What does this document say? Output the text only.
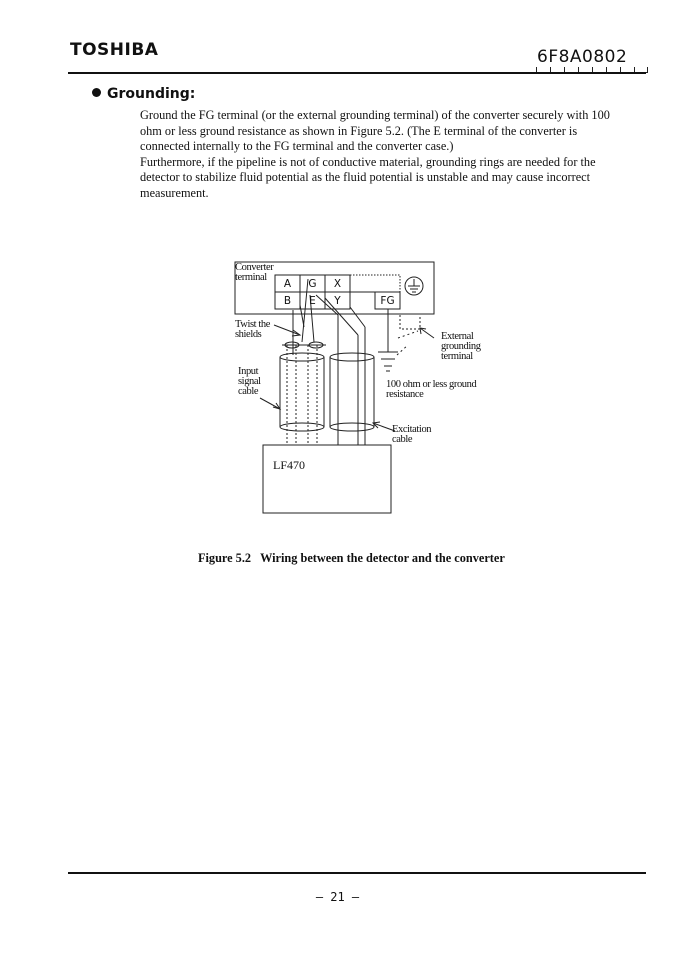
TOSHIBA	6F8A0802
Grounding:

Ground the FG terminal (or the external grounding terminal) of the converter securely with 100 ohm or less ground resistance as shown in Figure 5.2. (The E terminal of the converter is connected internally to the FG terminal and the converter case.)

Furthermore, if the pipeline is not of conductive material, grounding rings are needed for the detector to stabilize fluid potential as the fluid potential is unstable and may cause incorrect measurement.

Converter
terminal
A	G	X
B	E	Y	FG
Twist the
shields
Input
signal
cable
External
grounding
terminal
100 ohm or less ground
resistance
Excitation
cable
LF470
Figure 5.2 Wiring between the detector and the converter
― 21 ―
